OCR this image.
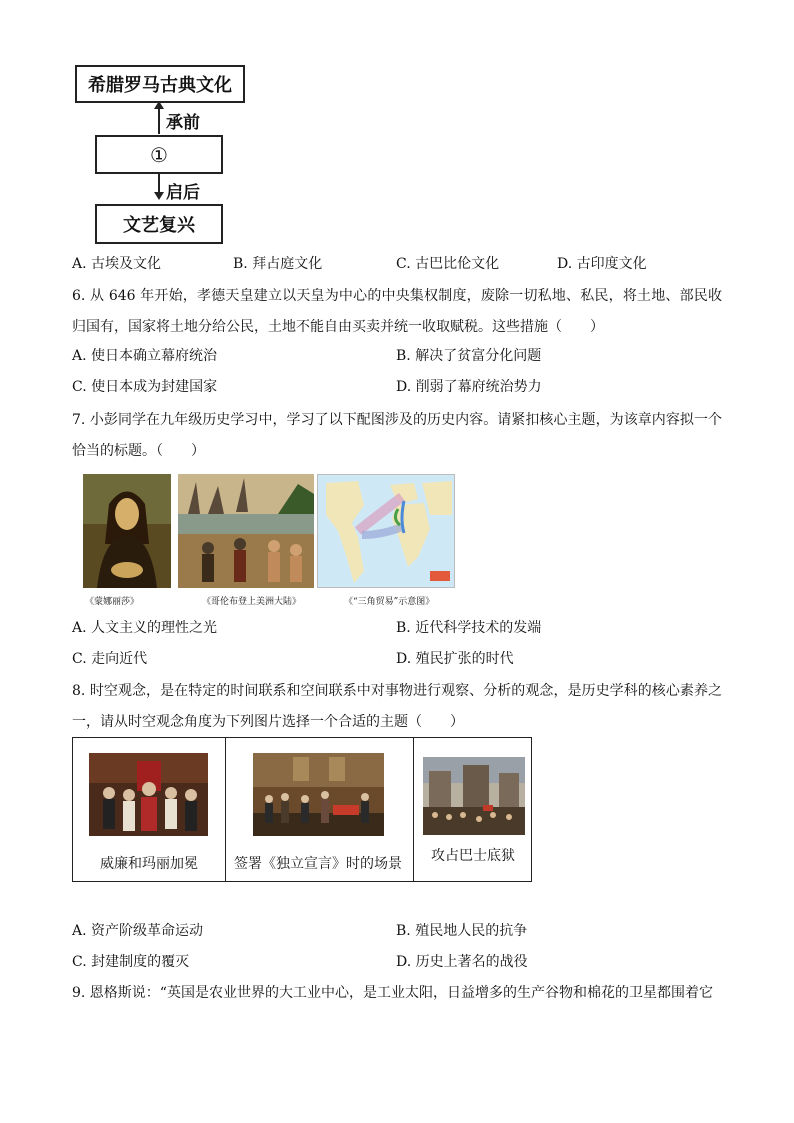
希腊罗马古典文化
承前
①
启后
文艺复兴
A. 古埃及文化	B. 拜占庭文化	C. 古巴比伦文化	D. 古印度文化
6. 从 646 年开始，孝德天皇建立以天皇为中心的中央集权制度，废除一切私地、私民，将土地、部民收归国有，国家将土地分给公民，土地不能自由买卖并统一收取赋税。这些措施（　　）
A. 使日本确立幕府统治	B. 解决了贫富分化问题
C. 使日本成为封建国家	D. 削弱了幕府统治势力
7. 小彭同学在九年级历史学习中，学习了以下配图涉及的历史内容。请紧扣核心主题，为该章内容拟一个恰当的标题。（　　）
《蒙娜丽莎》	《哥伦布登上美洲大陆》	《“三角贸易”示意图》
A. 人文主义的理性之光	B. 近代科学技术的发端
C. 走向近代	D. 殖民扩张的时代
8. 时空观念，是在特定的时间联系和空间联系中对事物进行观察、分析的观念，是历史学科的核心素养之一，请从时空观念角度为下列图片选择一个合适的主题（　　）
威廉和玛丽加冕	签署《独立宣言》时的场景 攻占巴士底狱
A. 资产阶级革命运动	B. 殖民地人民的抗争
C. 封建制度的覆灭	D. 历史上著名的战役
9. 恩格斯说：“英国是农业世界的大工业中心，是工业太阳，日益增多的生产谷物和棉花的卫星都围着它
